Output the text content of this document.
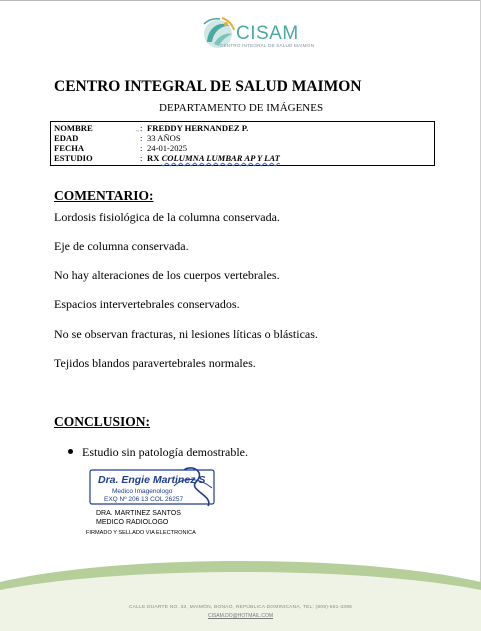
CISAM
CENTRO INTEGRAL DE SALUD MAIMON
CENTRO INTEGRAL DE SALUD MAIMON
DEPARTAMENTO DE IMÁGENES
NOMBRE	~ : FREDDY HERNANDEZ P.
EDAD	: 33 AÑOS
FECHA	: 24-01-2025
ESTUDIO	: RX COLUMNA LUMBAR AP Y LAT
COMENTARIO:
Lordosis fisiológica de la columna conservada.
Eje de columna conservada.
No hay alteraciones de los cuerpos vertebrales.
Espacios intervertebrales conservados.
No se observan fracturas, ni lesiones líticas o blásticas.
Tejidos blandos paravertebrales normales.
CONCLUSION:
Estudio sin patología demostrable.
Dra. Engie Martinez S
Medico Imagenologo
EXQ Nº 206 13 COL 26257
DRA. MARTINEZ SANTOS
MEDICO RADIOLOGO
FIRMADO Y SELLADO VIA ELECTRONICA
CALLE DUARTE NO. 33, MAIMÓN, BONAO, REPÚBLICA DOMINICANA, TEL: (809)-551-3396
CISAM.DO@HOTMAIL.COM
